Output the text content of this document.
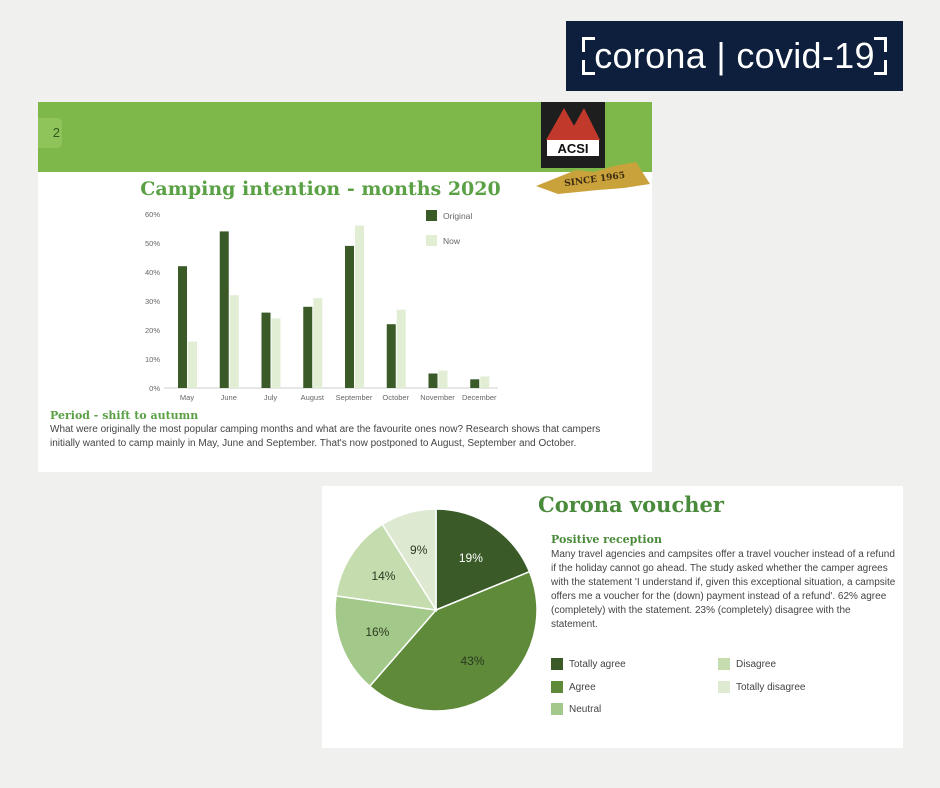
corona | covid-19
2
Camping intention - months 2020
ACSI
SINCE 1965
0%
10%
20%
30%
40%
50%
60%
May	June	July	August September October November December
Original
Now
Period - shift to autumn
What were originally the most popular camping months and what are the favourite ones now? Research shows that campers initially wanted to camp mainly in May, June and September. That's now postponed to August, September and October.
19%
43%
16%
14%
9%
Corona voucher
Positive reception
Many travel agencies and campsites offer a travel voucher instead of a refund if the holiday cannot go ahead. The study asked whether the camper agrees with the statement 'I understand if, given this exceptional situation, a campsite offers me a voucher for the (down) payment instead of a refund'. 62% agree (completely) with the statement. 23% (completely) disagree with the statement.
Totally agree
Agree
Neutral
Disagree
Totally disagree
